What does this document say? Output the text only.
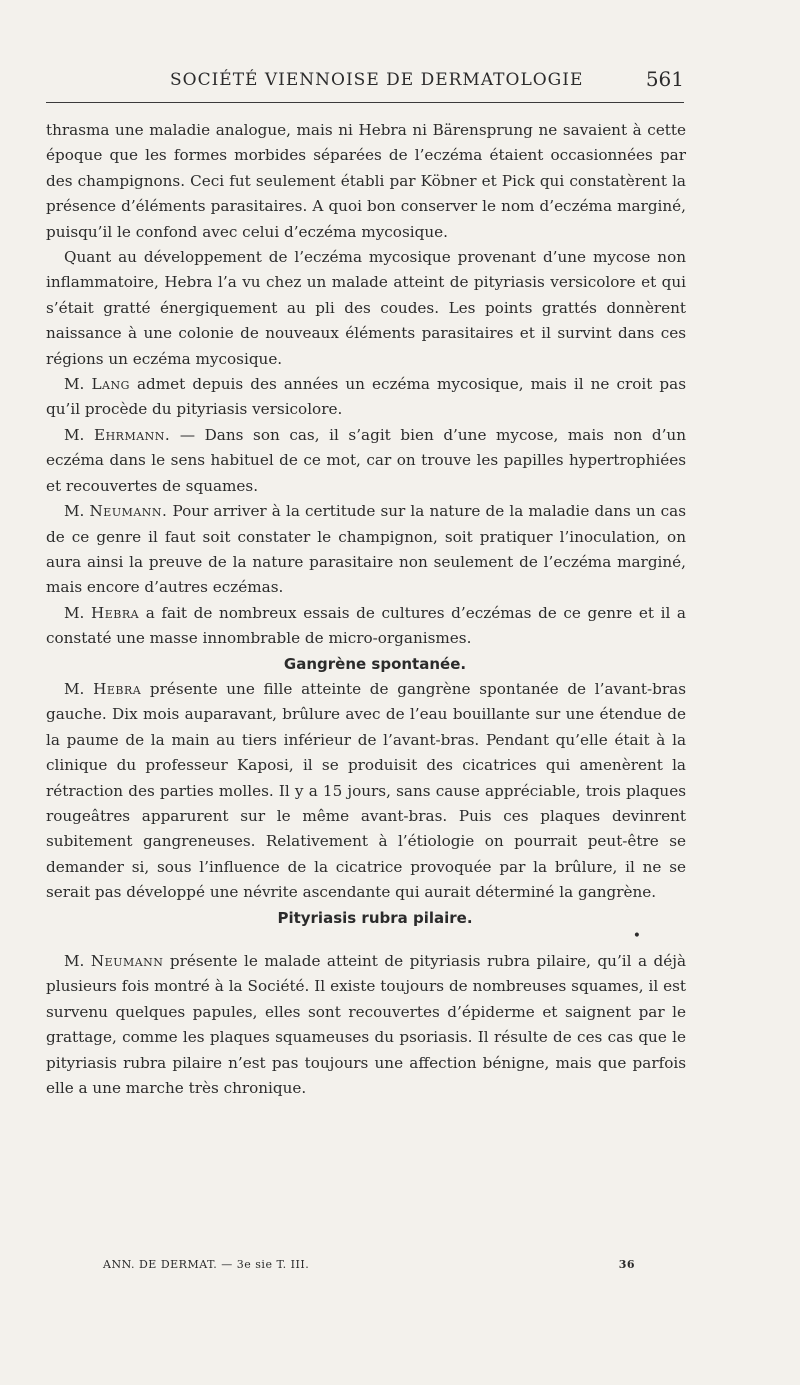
SOCIÉTÉ VIENNOISE DE DERMATOLOGIE	561

thrasma une maladie analogue, mais ni Hebra ni Bärensprung ne savaient à cette époque que les formes morbides séparées de l’eczéma étaient occasionnées par des champignons. Ceci fut seulement établi par Köbner et Pick qui constatèrent la présence d’éléments parasitaires. A quoi bon conserver le nom d’eczéma marginé, puisqu’il le confond avec celui d’eczéma mycosique.

Quant au développement de l’eczéma mycosique provenant d’une mycose non inflammatoire, Hebra l’a vu chez un malade atteint de pityriasis versicolore et qui s’était gratté énergiquement au pli des coudes. Les points grattés donnèrent naissance à une colonie de nouveaux éléments parasitaires et il survint dans ces régions un eczéma mycosique.

M. Lang admet depuis des années un eczéma mycosique, mais il ne croit pas qu’il procède du pityriasis versicolore.

M. Ehrmann. — Dans son cas, il s’agit bien d’une mycose, mais non d’un eczéma dans le sens habituel de ce mot, car on trouve les papilles hypertrophiées et recouvertes de squames.

M. Neumann. Pour arriver à la certitude sur la nature de la maladie dans un cas de ce genre il faut soit constater le champignon, soit pratiquer l’inoculation, on aura ainsi la preuve de la nature parasitaire non seulement de l’eczéma marginé, mais encore d’autres eczémas.

M. Hebra a fait de nombreux essais de cultures d’eczémas de ce genre et il a constaté une masse innombrable de micro-organismes.

Gangrène spontanée.

M. Hebra présente une fille atteinte de gangrène spontanée de l’avant-bras gauche. Dix mois auparavant, brûlure avec de l’eau bouillante sur une étendue de la paume de la main au tiers inférieur de l’avant-bras. Pendant qu’elle était à la clinique du professeur Kaposi, il se produisit des cicatrices qui amenèrent la rétraction des parties molles. Il y a 15 jours, sans cause appréciable, trois plaques rougeâtres apparurent sur le même avant-bras. Puis ces plaques devinrent subitement gangreneuses. Relativement à l’étiologie on pourrait peut-être se demander si, sous l’influence de la cicatrice provoquée par la brûlure, il ne se serait pas développé une névrite ascendante qui aurait déterminé la gangrène.

Pityriasis rubra pilaire.

•

M. Neumann présente le malade atteint de pityriasis rubra pilaire, qu’il a déjà plusieurs fois montré à la Société. Il existe toujours de nombreuses squames, il est survenu quelques papules, elles sont recouvertes d’épiderme et saignent par le grattage, comme les plaques squameuses du psoriasis. Il résulte de ces cas que le pityriasis rubra pilaire n’est pas toujours une affection bénigne, mais que parfois elle a une marche très chronique.

ANN. DE DERMAT. — 3e sie T. III.	36
